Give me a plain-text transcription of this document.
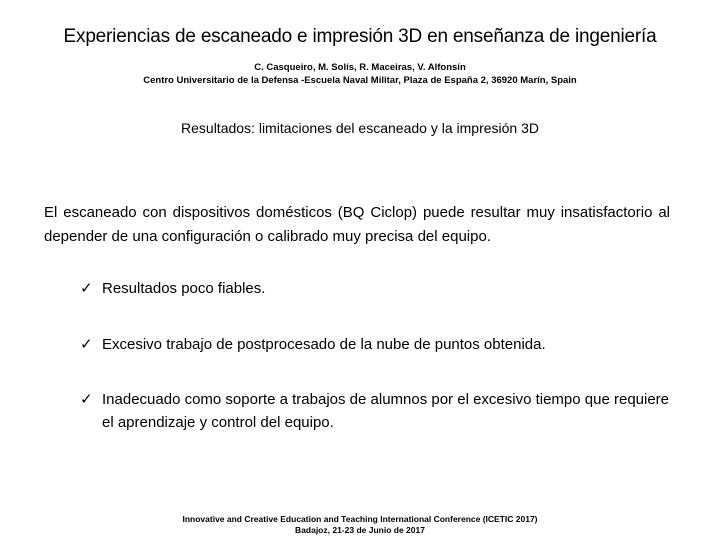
Experiencias de escaneado e impresión 3D en enseñanza de ingeniería
C. Casqueiro, M. Solís, R. Maceiras, V. Alfonsín
Centro Universitario de la Defensa -Escuela Naval Militar, Plaza de España 2, 36920 Marín, Spain
Resultados: limitaciones del escaneado y la impresión 3D
El escaneado con dispositivos domésticos (BQ Ciclop) puede resultar muy insatisfactorio al depender de una configuración o calibrado muy precisa del equipo.
✓ Resultados poco fiables.
✓ Excesivo trabajo de postprocesado de la nube de puntos obtenida.
✓ Inadecuado como soporte a trabajos de alumnos por el excesivo tiempo que requiere el aprendizaje y control del equipo.
Innovative and Creative Education and Teaching International Conference (ICETIC 2017)
Badajoz, 21-23 de Junio de 2017
